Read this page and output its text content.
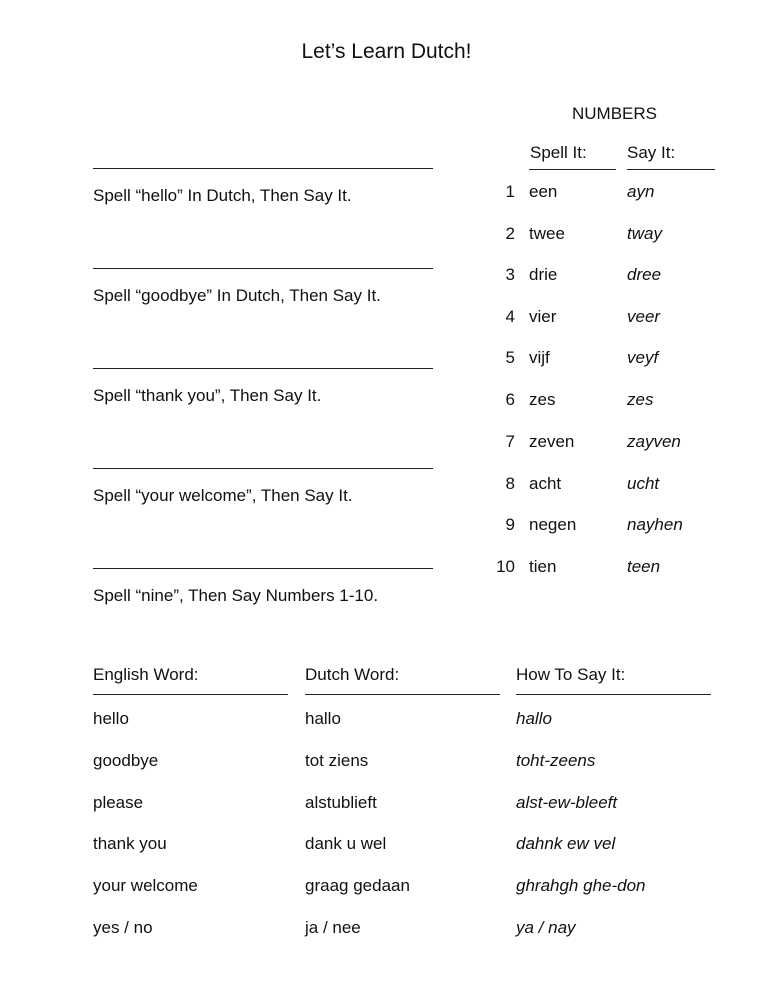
Let’s Learn Dutch!
NUMBERS
Spell It: Say It:
1 een	ayn
2 twee	tway
3 drie	dree
4 vier	veer
5 vijf	veyf
6 zes	zes
7 zeven	zayven
8 acht	ucht
9 negen	nayhen
10 tien	teen
Spell “hello” In Dutch, Then Say It.
Spell “goodbye” In Dutch, Then Say It.
Spell “thank you”, Then Say It.
Spell “your welcome”, Then Say It.
Spell “nine”, Then Say Numbers 1-10.
English Word:	Dutch Word:	How To Say It:
hello	hallo	hallo
goodbye	tot ziens	toht-zeens
please	alstublieft	alst-ew-bleeft
thank you	dank u wel	dahnk ew vel
your welcome	graag gedaan	ghrahgh ghe-don
yes / no	ja / nee	ya / nay
